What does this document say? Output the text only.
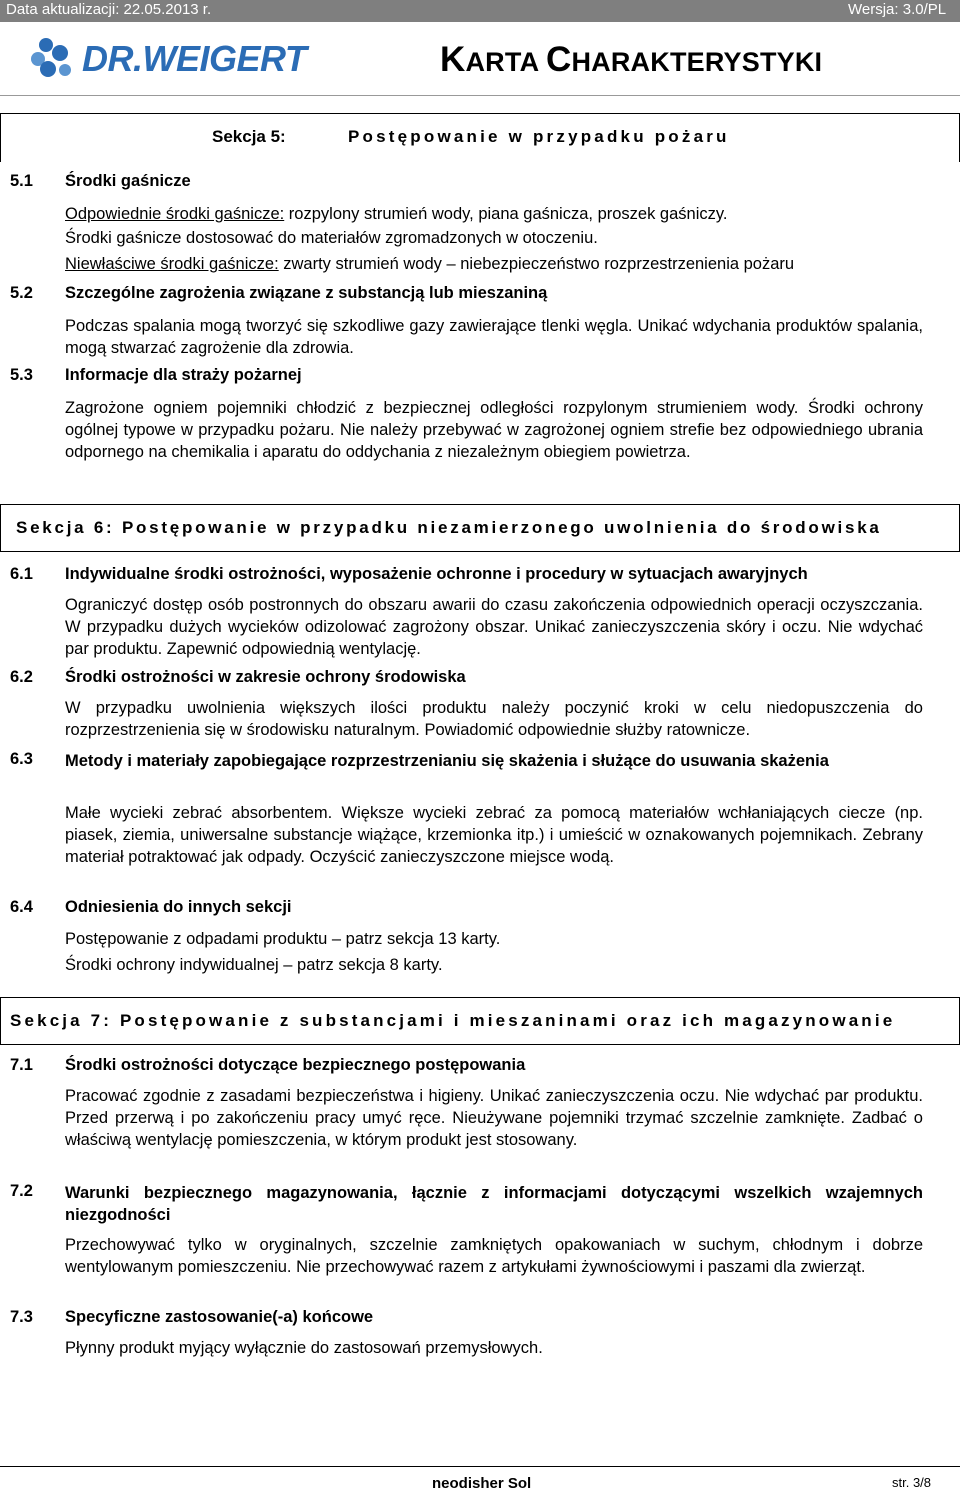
Data aktualizacji: 22.05.2013 r.	Wersja: 3.0/PL
DR.WEIGERT	KARTA CHARAKTERYSTYKI
Sekcja 5:	Postępowanie w przypadku pożaru
5.1 Środki gaśnicze
Odpowiednie środki gaśnicze: rozpylony strumień wody, piana gaśnicza, proszek gaśniczy.
Środki gaśnicze dostosować do materiałów zgromadzonych w otoczeniu.
Niewłaściwe środki gaśnicze: zwarty strumień wody – niebezpieczeństwo rozprzestrzenienia pożaru
5.2 Szczególne zagrożenia związane z substancją lub mieszaniną
Podczas spalania mogą tworzyć się szkodliwe gazy zawierające tlenki węgla. Unikać wdychania produktów spalania, mogą stwarzać zagrożenie dla zdrowia.
5.3 Informacje dla straży pożarnej
Zagrożone ogniem pojemniki chłodzić z bezpiecznej odległości rozpylonym strumieniem wody. Środki ochrony ogólnej typowe w przypadku pożaru. Nie należy przebywać w zagrożonej ogniem strefie bez odpowiedniego ubrania odpornego na chemikalia i aparatu do oddychania z niezależnym obiegiem powietrza.
Sekcja 6: Postępowanie w przypadku niezamierzonego uwolnienia do środowiska
6.1 Indywidualne środki ostrożności, wyposażenie ochronne i procedury w sytuacjach awaryjnych
Ograniczyć dostęp osób postronnych do obszaru awarii do czasu zakończenia odpowiednich operacji oczyszczania. W przypadku dużych wycieków odizolować zagrożony obszar. Unikać zanieczyszczenia skóry i oczu. Nie wdychać par produktu. Zapewnić odpowiednią wentylację.
6.2 Środki ostrożności w zakresie ochrony środowiska
W przypadku uwolnienia większych ilości produktu należy poczynić kroki w celu niedopuszczenia do rozprzestrzenienia się w środowisku naturalnym. Powiadomić odpowiednie służby ratownicze.
6.3 Metody i materiały zapobiegające rozprzestrzenianiu się skażenia i służące do usuwania skażenia
Małe wycieki zebrać absorbentem. Większe wycieki zebrać za pomocą materiałów wchłaniających ciecze (np. piasek, ziemia, uniwersalne substancje wiążące, krzemionka itp.) i umieścić w oznakowanych pojemnikach. Zebrany materiał potraktować jak odpady. Oczyścić zanieczyszczone miejsce wodą.
6.4 Odniesienia do innych sekcji
Postępowanie z odpadami produktu – patrz sekcja 13 karty.
Środki ochrony indywidualnej – patrz sekcja 8 karty.
Sekcja 7: Postępowanie z substancjami i mieszaninami oraz ich magazynowanie
7.1 Środki ostrożności dotyczące bezpiecznego postępowania
Pracować zgodnie z zasadami bezpieczeństwa i higieny. Unikać zanieczyszczenia oczu. Nie wdychać par produktu. Przed przerwą i po zakończeniu pracy umyć ręce. Nieużywane pojemniki trzymać szczelnie zamknięte. Zadbać o właściwą wentylację pomieszczenia, w którym produkt jest stosowany.
7.2 Warunki bezpiecznego magazynowania, łącznie z informacjami dotyczącymi wszelkich wzajemnych niezgodności
Przechowywać tylko w oryginalnych, szczelnie zamkniętych opakowaniach w suchym, chłodnym i dobrze wentylowanym pomieszczeniu. Nie przechowywać razem z artykułami żywnościowymi i paszami dla zwierząt.
7.3 Specyficzne zastosowanie(-a) końcowe
Płynny produkt myjący wyłącznie do zastosowań przemysłowych.
neodisher Sol	str. 3/8
